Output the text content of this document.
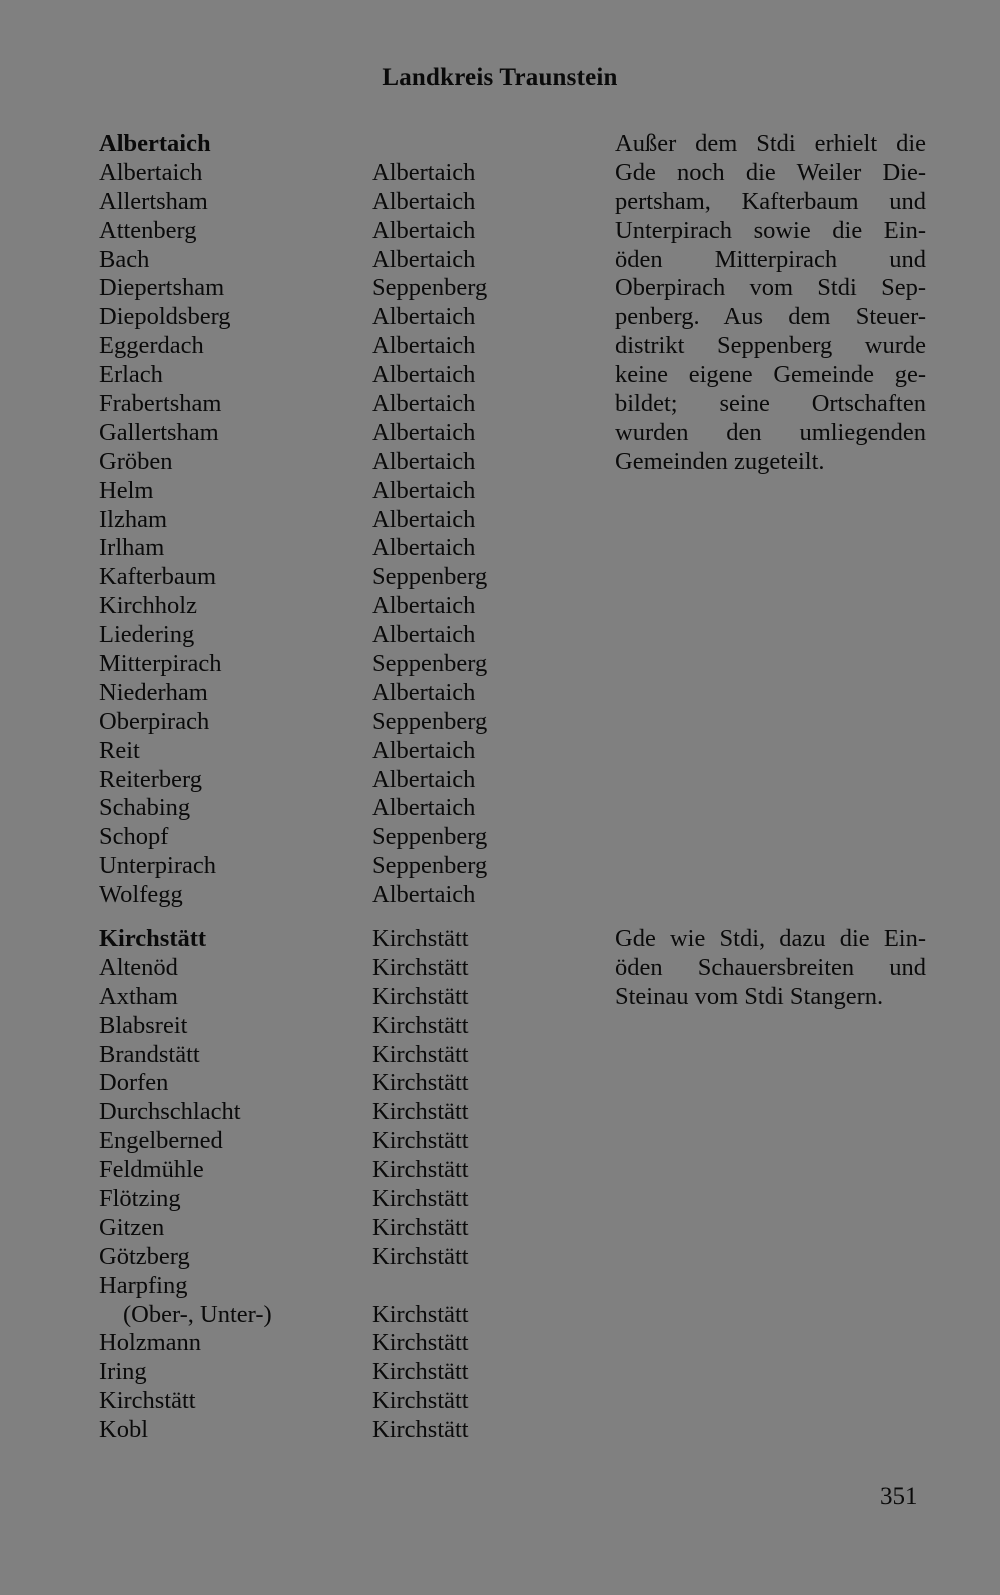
Landkreis Traunstein
Albertaich
Albertaich	Albertaich
Allertsham	Albertaich
Attenberg	Albertaich
Bach	Albertaich
Diepertsham	Seppenberg
Diepoldsberg	Albertaich
Eggerdach	Albertaich
Erlach	Albertaich
Frabertsham	Albertaich
Gallertsham	Albertaich
Gröben	Albertaich
Helm	Albertaich
Ilzham	Albertaich
Irlham	Albertaich
Kafterbaum	Seppenberg
Kirchholz	Albertaich
Liedering	Albertaich
Mitterpirach	Seppenberg
Niederham	Albertaich
Oberpirach	Seppenberg
Reit	Albertaich
Reiterberg	Albertaich
Schabing	Albertaich
Schopf	Seppenberg
Unterpirach	Seppenberg
Wolfegg	Albertaich
Außer dem Stdi erhielt die
Gde noch die Weiler Die-
pertsham, Kafterbaum und
Unterpirach sowie die Ein-
öden Mitterpirach und
Oberpirach vom Stdi Sep-
penberg. Aus dem Steuer-
distrikt Seppenberg wurde
keine eigene Gemeinde ge-
bildet; seine Ortschaften
wurden den umliegenden
Gemeinden zugeteilt.
Kirchstätt	Kirchstätt
Altenöd	Kirchstätt
Axtham	Kirchstätt
Blabsreit	Kirchstätt
Brandstätt	Kirchstätt
Dorfen	Kirchstätt
Durchschlacht	Kirchstätt
Engelberned	Kirchstätt
Feldmühle	Kirchstätt
Flötzing	Kirchstätt
Gitzen	Kirchstätt
Götzberg	Kirchstätt
Harpfing
(Ober-, Unter-)	Kirchstätt
Holzmann	Kirchstätt
Iring	Kirchstätt
Kirchstätt	Kirchstätt
Kobl	Kirchstätt
Gde wie Stdi, dazu die Ein-
öden Schauersbreiten und
Steinau vom Stdi Stangern.
351
